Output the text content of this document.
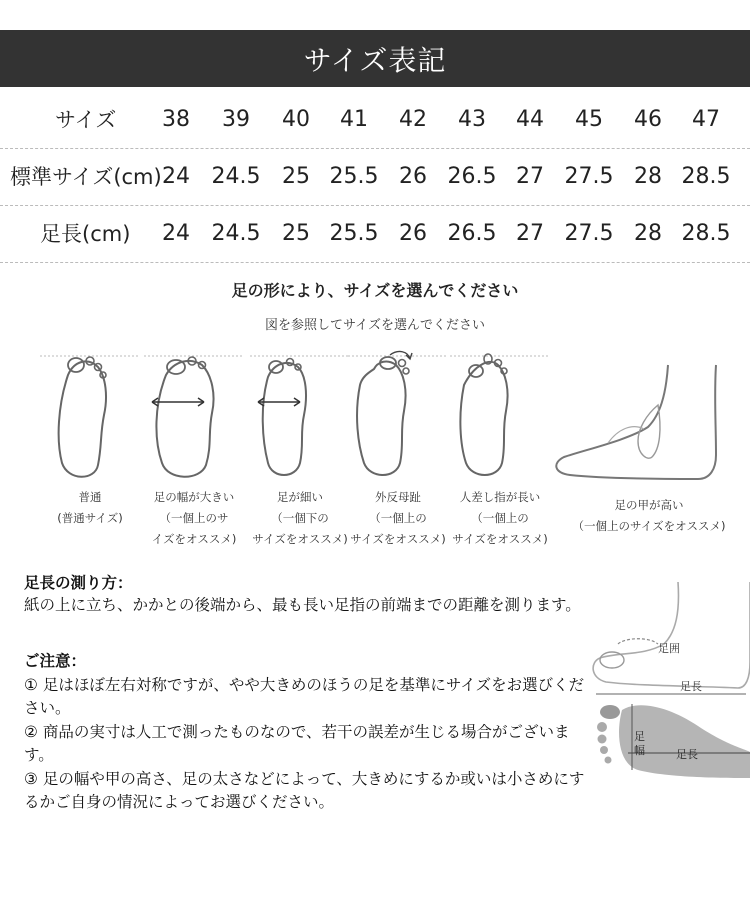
サイズ表記
サイズ	38	39	40	41	42	43	44	45	46	47
標準サイズ(cm) 24 24.5 25 25.5 26 26.5 27 27.5 28 28.5
足長(cm)	24 24.5 25 25.5 26 26.5 27 27.5 28 28.5
足の形により、サイズを選んでください
図を参照してサイズを選んでください
普通
(普通サイズ)
足の幅が大きい
（一個上のサ
イズをオススメ)
足が細い
（一個下の
サイズをオススメ)
外反母趾
（一個上の
サイズをオススメ)
人差し指が長い
（一個上の
サイズをオススメ)
足の甲が高い
（一個上のサイズをオススメ)
足長の測り方：
紙の上に立ち、かかとの後端から、最も長い足指の前端までの距離を測ります。
ご注意：
① 足はほぼ左右対称ですが、やや大きめのほうの足を基準にサイズをお選びください。
② 商品の実寸は人工で測ったものなので、若干の誤差が生じる場合がございます。
③ 足の幅や甲の高さ、足の太さなどによって、大きめにするか或いは小さめにするかご自身の情況によってお選びください。
足囲
足長
足長
足幅
